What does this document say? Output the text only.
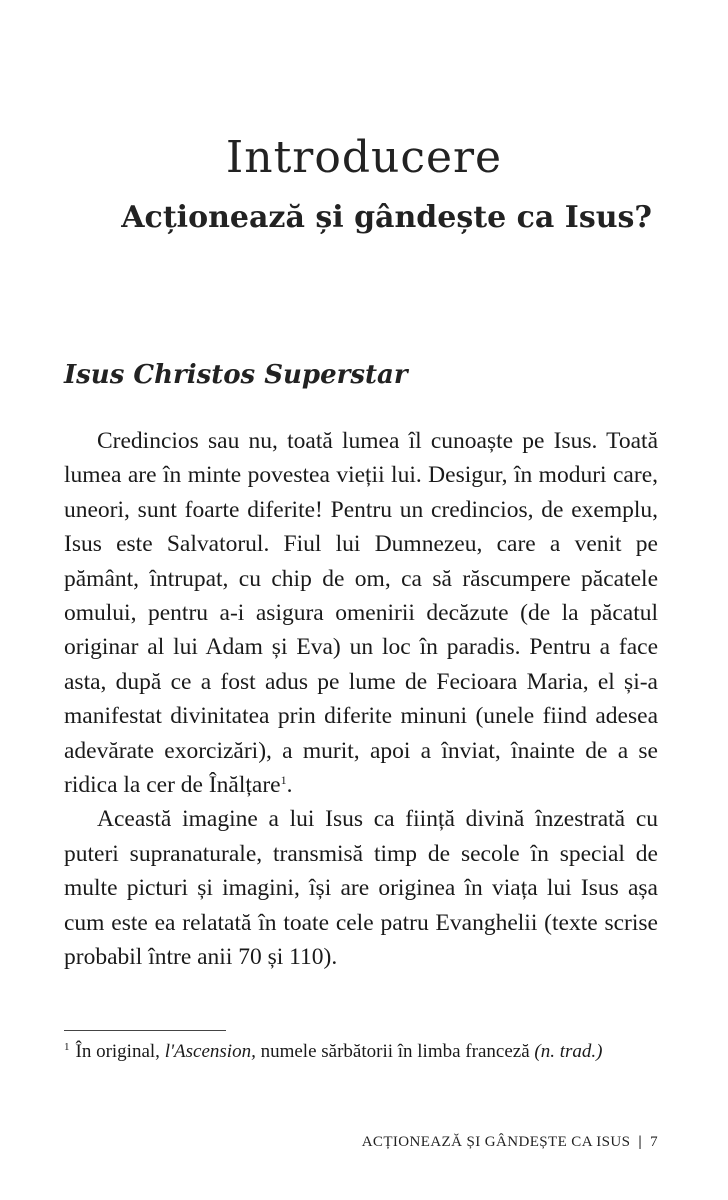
Introducere
Acționează și gândește ca Isus?
Isus Christos Superstar

Credincios sau nu, toată lumea îl cunoaște pe Isus. Toată lumea are în minte povestea vieții lui. Desigur, în moduri care, uneori, sunt foarte diferite! Pentru un credincios, de exemplu, Isus este Salvatorul. Fiul lui Dumnezeu, care a venit pe pământ, întrupat, cu chip de om, ca să răscumpere păcatele omului, pentru a-i asigura omenirii decăzute (de la păcatul originar al lui Adam și Eva) un loc în paradis. Pentru a face asta, după ce a fost adus pe lume de Fecioara Maria, el și-a manifestat divinitatea prin diferite minuni (unele fiind adesea adevărate exorcizări), a murit, apoi a înviat, înainte de a se ridica la cer de Înălțare$^1$.

Această imagine a lui Isus ca ființă divină înzestrată cu puteri supranaturale, transmisă timp de secole în special de multe picturi și imagini, își are originea în viața lui Isus așa cum este ea relatată în toate cele patru Evanghelii (texte scrise probabil între anii 70 și 110).

$^1$ În original, l'Ascension, numele sărbătorii în limba franceză (n. trad.)

ACȚIONEAZĂ ȘI GÂNDEȘTE CA ISUS | 7
